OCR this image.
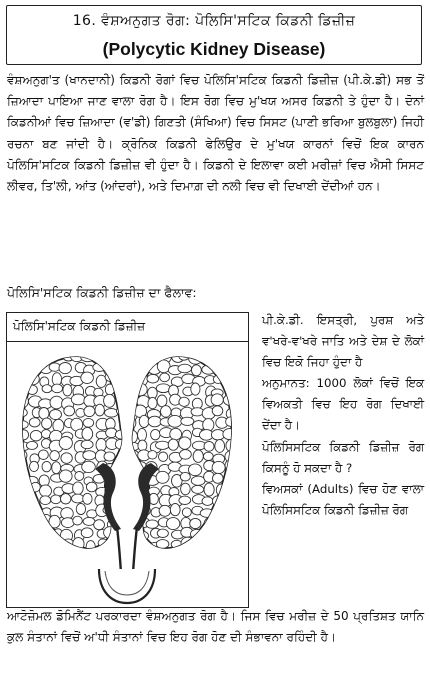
16. ਵੰਸ਼ਅਨੁਗਤ ਰੋਗ: ਪੋਲਿਸਿ'ਸਟਿਕ ਕਿਡਨੀ ਡਿਜ਼ੀਜ਼
(Polycytic Kidney Disease)

ਵੰਸ਼ਅਨੁਗ'ਤ (ਖਾਨਦਾਨੀ) ਕਿਡਨੀ ਰੋਗਾਂ ਵਿਚ ਪੋਲਿਸਿ'ਸਟਿਕ ਕਿਡਨੀ ਡਿਜ਼ੀਜ਼ (ਪੀ.ਕੇ.ਡੀ) ਸਭ ਤੋਂ ਜ਼ਿਆਦਾ ਪਾਇਆ ਜਾਣ ਵਾਲਾ ਰੋਗ ਹੈ। ਇਸ ਰੋਗ ਵਿਚ ਮੁ'ਖਯ ਅਸਰ ਕਿਡਨੀ ਤੇ ਹੁੰਦਾ ਹੈ। ਦੋਨਾਂ ਕਿਡਨੀਆਂ ਵਿਚ ਜ਼ਿਆਦਾ (ਵ'ਡੀ) ਗਿਣਤੀ (ਸੰਖਿਆ) ਵਿਚ ਸਿਸਟ (ਪਾਣੀ ਭਰਿਆ ਬੁਲਬੁਲਾ) ਜਿਹੀ ਰਚਨਾ ਬਣ ਜਾਂਦੀ ਹੈ। ਕ੍ਰੋਨਿਕ ਕਿਡਨੀ ਫੇਲਿਉਰ ਦੇ ਮੁ'ਖਯ ਕਾਰਨਾਂ ਵਿਚੋਂ ਇਕ ਕਾਰਨ ਪੋਲਿਸਿ'ਸਟਿਕ ਕਿਡਨੀ ਡਿਜ਼ੀਜ਼ ਵੀ ਹੁੰਦਾ ਹੈ। ਕਿਡਨੀ ਦੇ ਇਲਾਵਾ ਕਈ ਮਰੀਜ਼ਾਂ ਵਿਚ ਐਸੀ ਸਿਸਟ ਲੀਵਰ, ਤਿ'ਲੀ, ਆਂਤ (ਆਂਦਰਾਂ), ਅਤੇ ਦਿਮਾਗ਼ ਦੀ ਨਲੀ ਵਿਚ ਵੀ ਦਿਖਾਈ ਦੇਂਦੀਆਂ ਹਨ।

ਪੋਲਿਸਿ'ਸਟਿਕ ਕਿਡਨੀ ਡਿਜ਼ੀਜ਼ ਦਾ ਫੈਲਾਵ:
ਪੋਲਿਸਿ'ਸਟਿਕ ਕਿਡਨੀ ਡਿਜ਼ੀਜ਼	ਪੀ.ਕੇ.ਡੀ. ਇਸਤ੍ਰੀ, ਪੁਰਸ਼ ਅਤੇ ਵ'ਖਰੇ-ਵ'ਖਰੇ ਜਾਤਿ ਅਤੇ ਦੇਸ਼ ਦੇ ਲੋਕਾਂ ਵਿਚ ਇਕੋ ਜਿਹਾ ਹੁੰਦਾ ਹੈ

ਅਨੁਮਾਨਤ: 1000 ਲੋਕਾਂ ਵਿਚੋਂ ਇਕ ਵਿਅਕਤੀ ਵਿਚ ਇਹ ਰੋਗ ਦਿਖਾਈ ਦੇਂਦਾ ਹੈ।

ਪੋਲਿਸਿਸਟਿਕ ਕਿਡਨੀ ਡਿਜ਼ੀਜ਼ ਰੋਗ ਕਿਸਨੂੰ ਹੋ ਸਕਦਾ ਹੈ ?

ਵਿਅਸਕਾਂ (Adults) ਵਿਚ ਹੋਣ ਵਾਲਾ ਪੋਲਿਸਿਸਟਿਕ ਕਿਡਨੀ ਡਿਜ਼ੀਜ਼ ਰੋਗ

ਆਟੋਜ਼ੋਮਲ ਡੋਮਿਨੈਂਟ ਪਰਕਾਰਦਾ ਵੰਸ਼ਅਨੁਗਤ ਰੋਗ ਹੈ। ਜਿਸ ਵਿਚ ਮਰੀਜ਼ ਦੇ 50 ਪ੍ਰਤਿਸ਼ਤ ਯਾਨਿ ਕੁਲ ਸੰਤਾਨਾਂ ਵਿਚੋਂ ਅ'ਧੀ ਸੰਤਾਨਾਂ ਵਿਚ ਇਹ ਰੋਗ ਹੋਣ ਦੀ ਸੰਭਾਵਨਾ ਰਹਿੰਦੀ ਹੈ।
